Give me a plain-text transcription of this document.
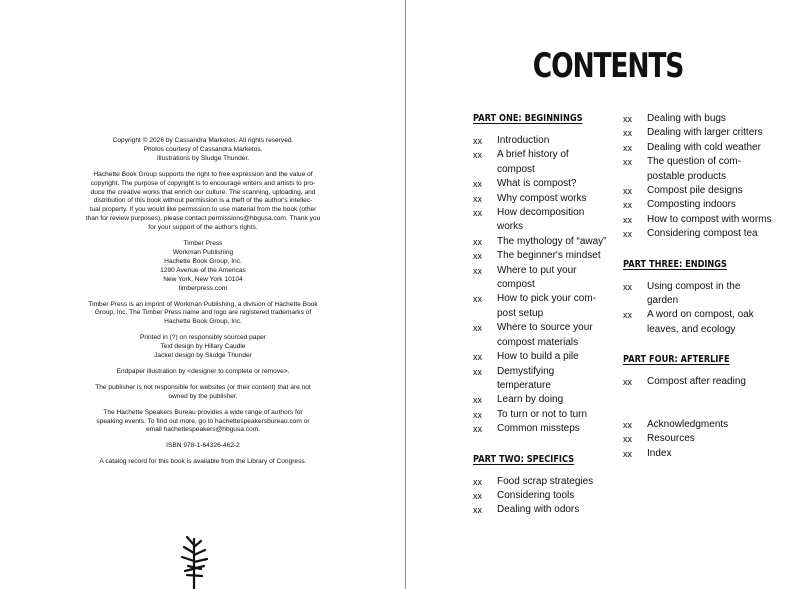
Copyright © 2026 by Cassandra Marketos. All rights reserved.
Photos courtesy of Cassandra Marketos.
Illustrations by Sludge Thunder.

Hachette Book Group supports the right to free expression and the value of
copyright. The purpose of copyright is to encourage writers and artists to pro-
duce the creative works that enrich our culture. The scanning, uploading, and
distribution of this book without permission is a theft of the author's intellec-
tual property. If you would like permission to use material from the book (other
than for review purposes), please contact permissions@hbgusa.com. Thank you
for your support of the author's rights.

Timber Press
Workman Publishing
Hachette Book Group, Inc.
1290 Avenue of the Americas
New York, New York 10104
timberpress.com

Timber Press is an imprint of Workman Publishing, a division of Hachette Book
Group, Inc. The Timber Press name and logo are registered trademarks of
Hachette Book Group, Inc.

Printed in (?) on responsibly sourced paper
Text design by Hillary Caudle
Jacket design by Sludge Thunder

Endpaper illustration by <designer to complete or remove>.

The publisher is not responsible for websites (or their content) that are not
owned by the publisher.

The Hachette Speakers Bureau provides a wide range of authors for
speaking events. To find out more, go to hachettespeakersbureau.com or
email hachettespeakers@hbgusa.com.

ISBN 978-1-64326-462-2

A catalog record for this book is available from the Library of Congress.

CONTENTS
PART ONE: BEGINNINGS
xx	Introduction
xx	A brief history of compost
xx	What is compost?
xx	Why compost works
xx	How decomposition works
xx	The mythology of “away”
xx	The beginner's mindset
xx	Where to put your compost
xx	How to pick your com-post setup
xx	Where to source your compost materials
xx	How to build a pile
xx	Demystifying temperature
xx	Learn by doing
xx	To turn or not to turn
xx	Common missteps
PART TWO: SPECIFICS
xx	Food scrap strategies
xx	Considering tools
xx	Dealing with odors
xx	Dealing with bugs
xx	Dealing with larger critters
xx	Dealing with cold weather
xx	The question of com-postable products
xx	Compost pile designs
xx	Composting indoors
xx	How to compost with worms
xx	Considering compost tea
PART THREE: ENDINGS
xx	Using compost in the garden
xx	A word on compost, oak leaves, and ecology
PART FOUR: AFTERLIFE
xx	Compost after reading
xx	Acknowledgments
xx	Resources
xx	Index
